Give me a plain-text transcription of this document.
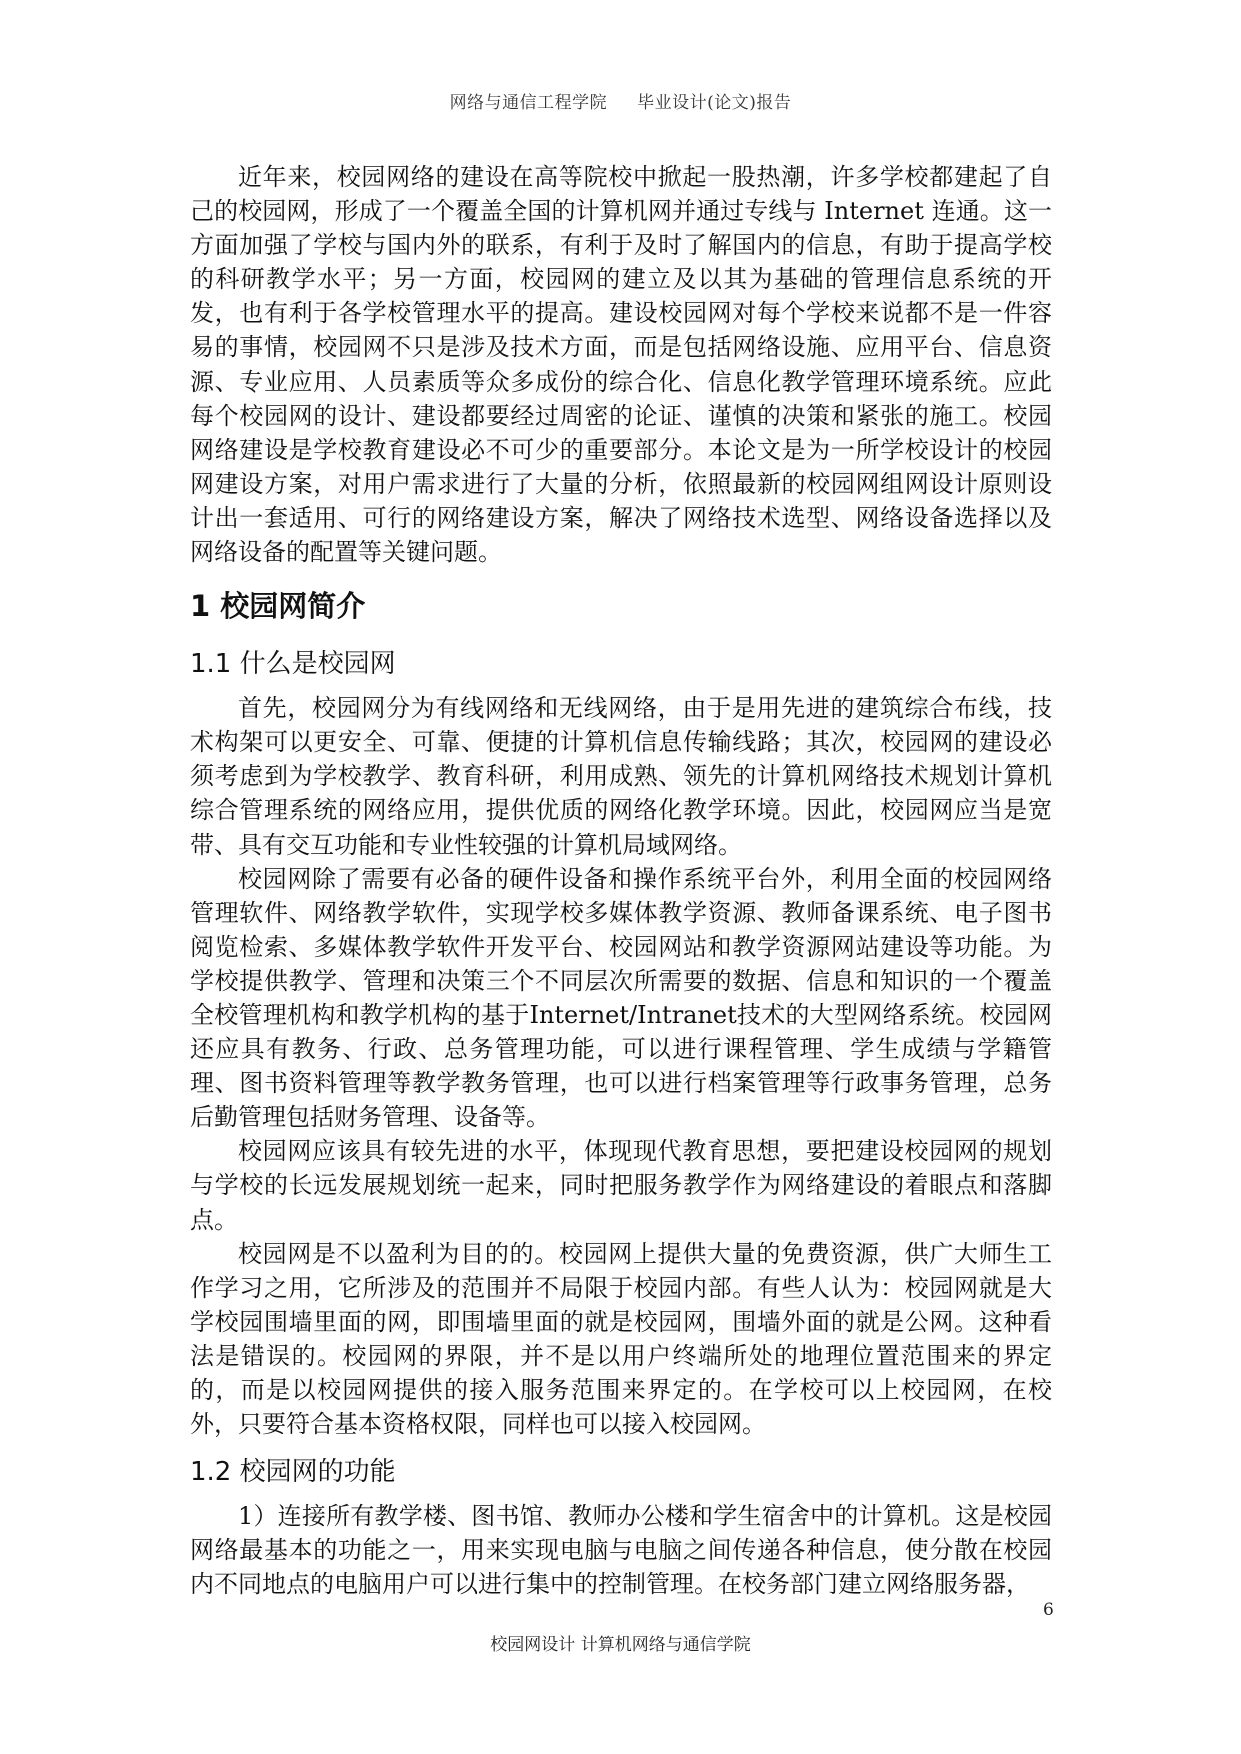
网络与通信工程学院 毕业设计(论文)报告

近年来，校园网络的建设在高等院校中掀起一股热潮，许多学校都建起了自己的校园网，形成了一个覆盖全国的计算机网并通过专线与 Internet 连通。这一方面加强了学校与国内外的联系，有利于及时了解国内的信息，有助于提高学校的科研教学水平；另一方面，校园网的建立及以其为基础的管理信息系统的开发，也有利于各学校管理水平的提高。建设校园网对每个学校来说都不是一件容易的事情，校园网不只是涉及技术方面，而是包括网络设施、应用平台、信息资源、专业应用、人员素质等众多成份的综合化、信息化教学管理环境系统。应此每个校园网的设计、建设都要经过周密的论证、谨慎的决策和紧张的施工。校园网络建设是学校教育建设必不可少的重要部分。本论文是为一所学校设计的校园网建设方案，对用户需求进行了大量的分析，依照最新的校园网组网设计原则设计出一套适用、可行的网络建设方案，解决了网络技术选型、网络设备选择以及网络设备的配置等关键问题。

1 校园网简介
1.1 什么是校园网

首先，校园网分为有线网络和无线网络，由于是用先进的建筑综合布线，技术构架可以更安全、可靠、便捷的计算机信息传输线路；其次，校园网的建设必须考虑到为学校教学、教育科研，利用成熟、领先的计算机网络技术规划计算机综合管理系统的网络应用，提供优质的网络化教学环境。因此，校园网应当是宽带、具有交互功能和专业性较强的计算机局域网络。

校园网除了需要有必备的硬件设备和操作系统平台外，利用全面的校园网络管理软件、网络教学软件，实现学校多媒体教学资源、教师备课系统、电子图书阅览检索、多媒体教学软件开发平台、校园网站和教学资源网站建设等功能。为学校提供教学、管理和决策三个不同层次所需要的数据、信息和知识的一个覆盖全校管理机构和教学机构的基于Internet/Intranet技术的大型网络系统。校园网还应具有教务、行政、总务管理功能，可以进行课程管理、学生成绩与学籍管理、图书资料管理等教学教务管理，也可以进行档案管理等行政事务管理，总务后勤管理包括财务管理、设备等。

校园网应该具有较先进的水平，体现现代教育思想，要把建设校园网的规划与学校的长远发展规划统一起来，同时把服务教学作为网络建设的着眼点和落脚点。

校园网是不以盈利为目的的。校园网上提供大量的免费资源，供广大师生工作学习之用，它所涉及的范围并不局限于校园内部。有些人认为：校园网就是大学校园围墙里面的网，即围墙里面的就是校园网，围墙外面的就是公网。这种看法是错误的。校园网的界限，并不是以用户终端所处的地理位置范围来的界定的，而是以校园网提供的接入服务范围来界定的。在学校可以上校园网，在校外，只要符合基本资格权限，同样也可以接入校园网。

1.2 校园网的功能

1）连接所有教学楼、图书馆、教师办公楼和学生宿舍中的计算机。这是校园网络最基本的功能之一，用来实现电脑与电脑之间传递各种信息，使分散在校园内不同地点的电脑用户可以进行集中的控制管理。在校务部门建立网络服务器，

6
校园网设计 计算机网络与通信学院
